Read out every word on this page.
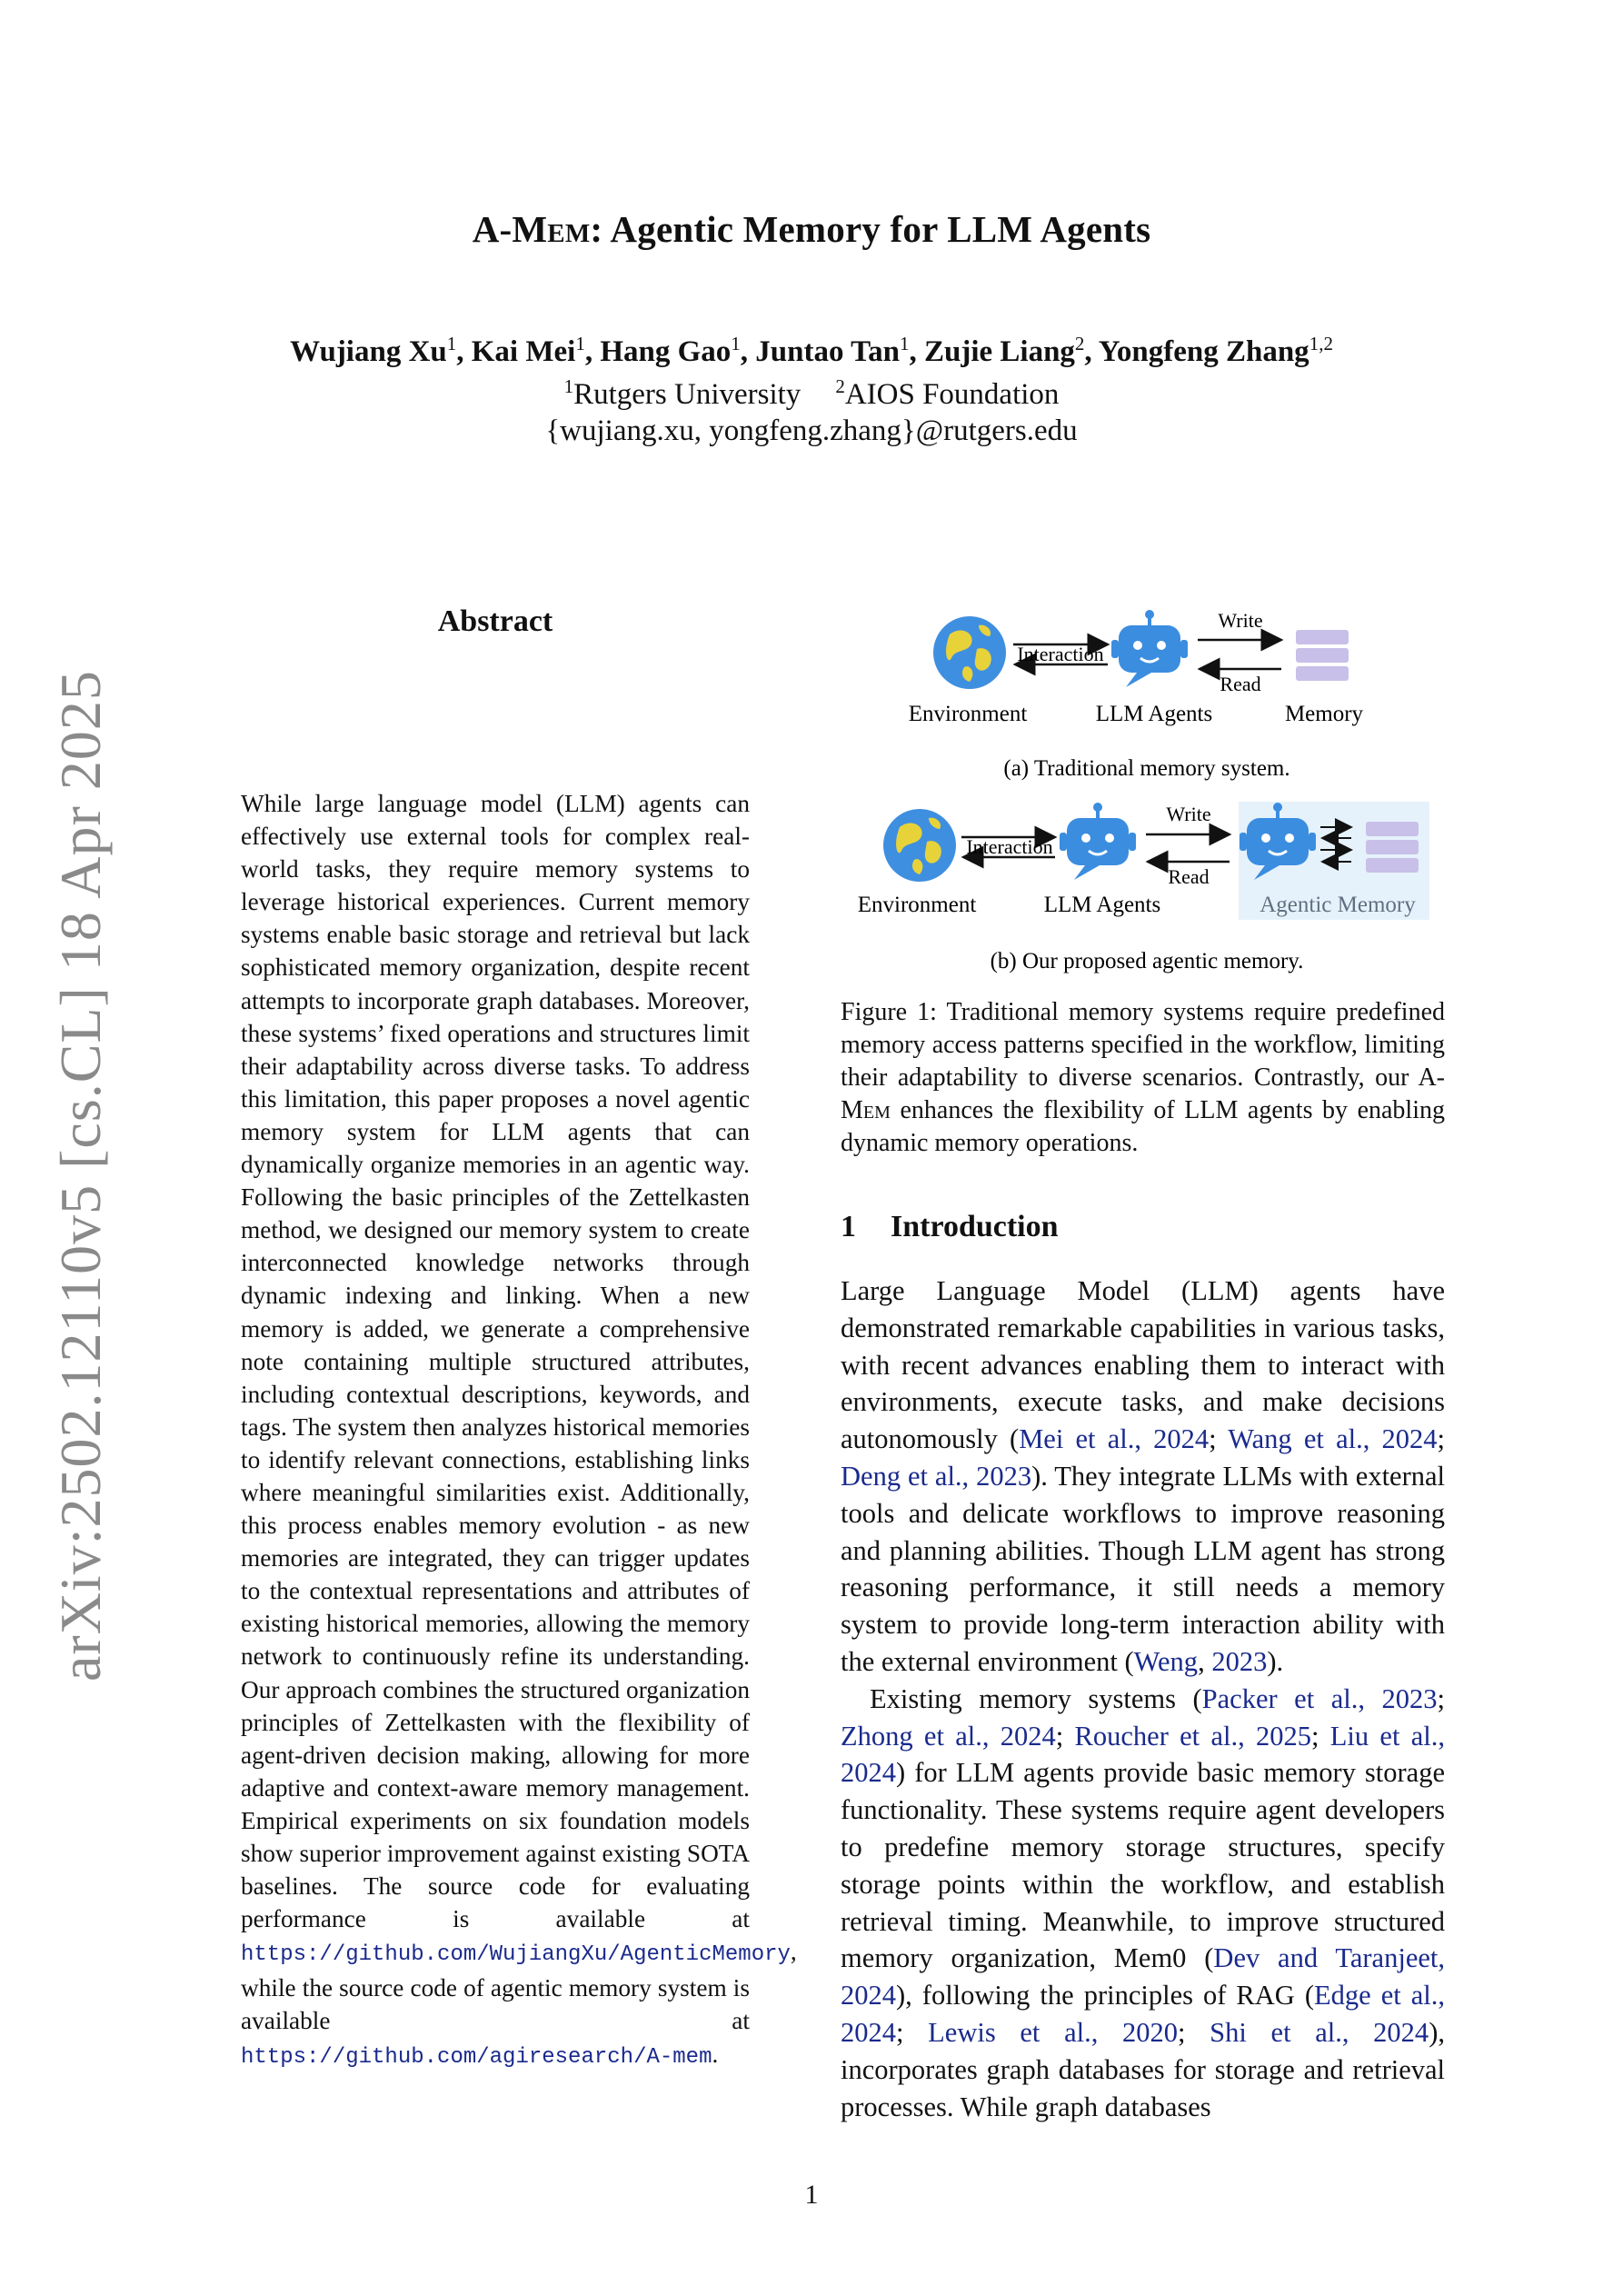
arXiv:2502.12110v5 [cs.CL] 18 Apr 2025
A-Mem: Agentic Memory for LLM Agents
Wujiang Xu$^1$, Kai Mei$^1$, Hang Gao$^1$, Juntao Tan$^1$, Zujie Liang$^2$, Yongfeng Zhang$^{1,2}$
$^1$Rutgers University $^2$AIOS Foundation
{wujiang.xu, yongfeng.zhang}@rutgers.edu
Abstract
While large language model (LLM) agents can effectively use external tools for complex real-world tasks, they require memory systems to leverage historical experiences. Current memory systems enable basic storage and retrieval but lack sophisticated memory organization, despite recent attempts to incorporate graph databases. Moreover, these systems’ fixed operations and structures limit their adaptability across diverse tasks. To address this limitation, this paper proposes a novel agentic memory system for LLM agents that can dynamically organize memories in an agentic way. Following the basic principles of the Zettelkasten method, we designed our memory system to create interconnected knowledge networks through dynamic indexing and linking. When a new memory is added, we generate a comprehensive note containing multiple structured attributes, including contextual descriptions, keywords, and tags. The system then analyzes historical memories to identify relevant connections, establishing links where meaningful similarities exist. Additionally, this process enables memory evolution - as new memories are integrated, they can trigger updates to the contextual representations and attributes of existing historical memories, allowing the memory network to continuously refine its understanding. Our approach combines the structured organization principles of Zettelkasten with the flexibility of agent-driven decision making, allowing for more adaptive and context-aware memory management. Empirical experiments on six foundation models show superior improvement against existing SOTA baselines. The source code for evaluating performance is available at https://github.com/WujiangXu/AgenticMemory, while the source code of agentic memory system is available at https://github.com/agiresearch/A-mem.
Interaction
Write
Read
Environment	LLM Agents	Memory
(a) Traditional memory system.
Interaction
Write
Read
Environment	LLM Agents	Agentic Memory
(b) Our proposed agentic memory.
Figure 1: Traditional memory systems require predefined memory access patterns specified in the workflow, limiting their adaptability to diverse scenarios. Contrastly, our A-Mem enhances the flexibility of LLM agents by enabling dynamic memory operations.
1 Introduction

Large Language Model (LLM) agents have demonstrated remarkable capabilities in various tasks, with recent advances enabling them to interact with environments, execute tasks, and make decisions autonomously (Mei et al., 2024; Wang et al., 2024; Deng et al., 2023). They integrate LLMs with external tools and delicate workflows to improve reasoning and planning abilities. Though LLM agent has strong reasoning performance, it still needs a memory system to provide long-term interaction ability with the external environment (Weng, 2023).

Existing memory systems (Packer et al., 2023; Zhong et al., 2024; Roucher et al., 2025; Liu et al., 2024) for LLM agents provide basic memory storage functionality. These systems require agent developers to predefine memory storage structures, specify storage points within the workflow, and establish retrieval timing. Meanwhile, to improve structured memory organization, Mem0 (Dev and Taranjeet, 2024), following the principles of RAG (Edge et al., 2024; Lewis et al., 2020; Shi et al., 2024), incorporates graph databases for storage and retrieval processes. While graph databases

1
